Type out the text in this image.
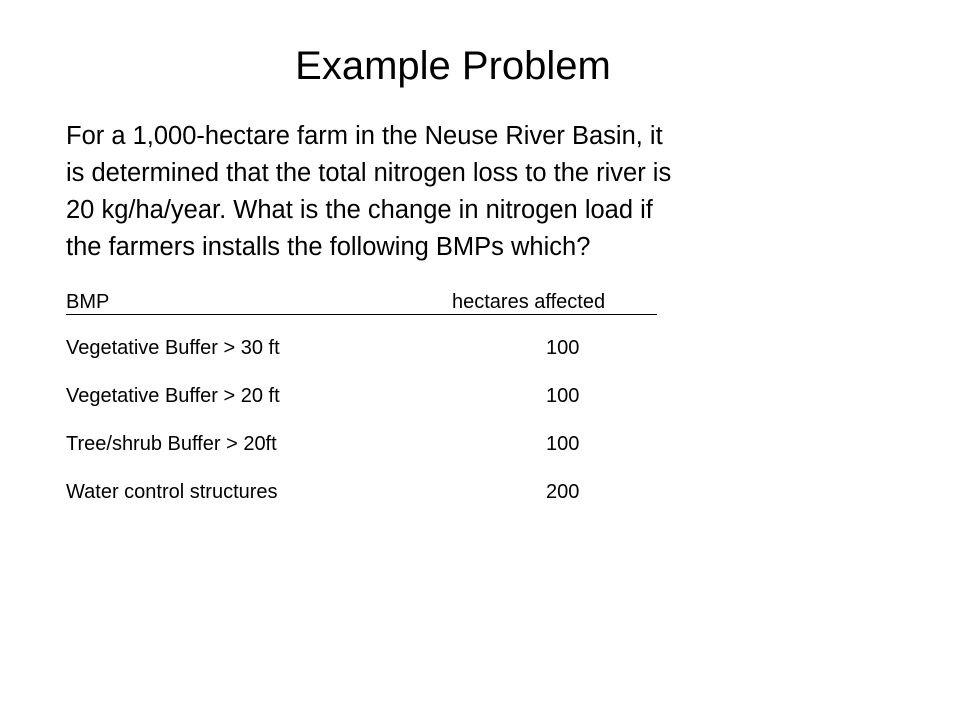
Example Problem

For a 1,000-hectare farm in the Neuse River Basin, it
is determined that the total nitrogen loss to the river is
20 kg/ha/year. What is the change in nitrogen load if
the farmers installs the following BMPs which?

BMP	hectares affected
Vegetative Buffer > 30 ft	100
Vegetative Buffer > 20 ft	100
Tree/shrub Buffer > 20ft	100
Water control structures	200
